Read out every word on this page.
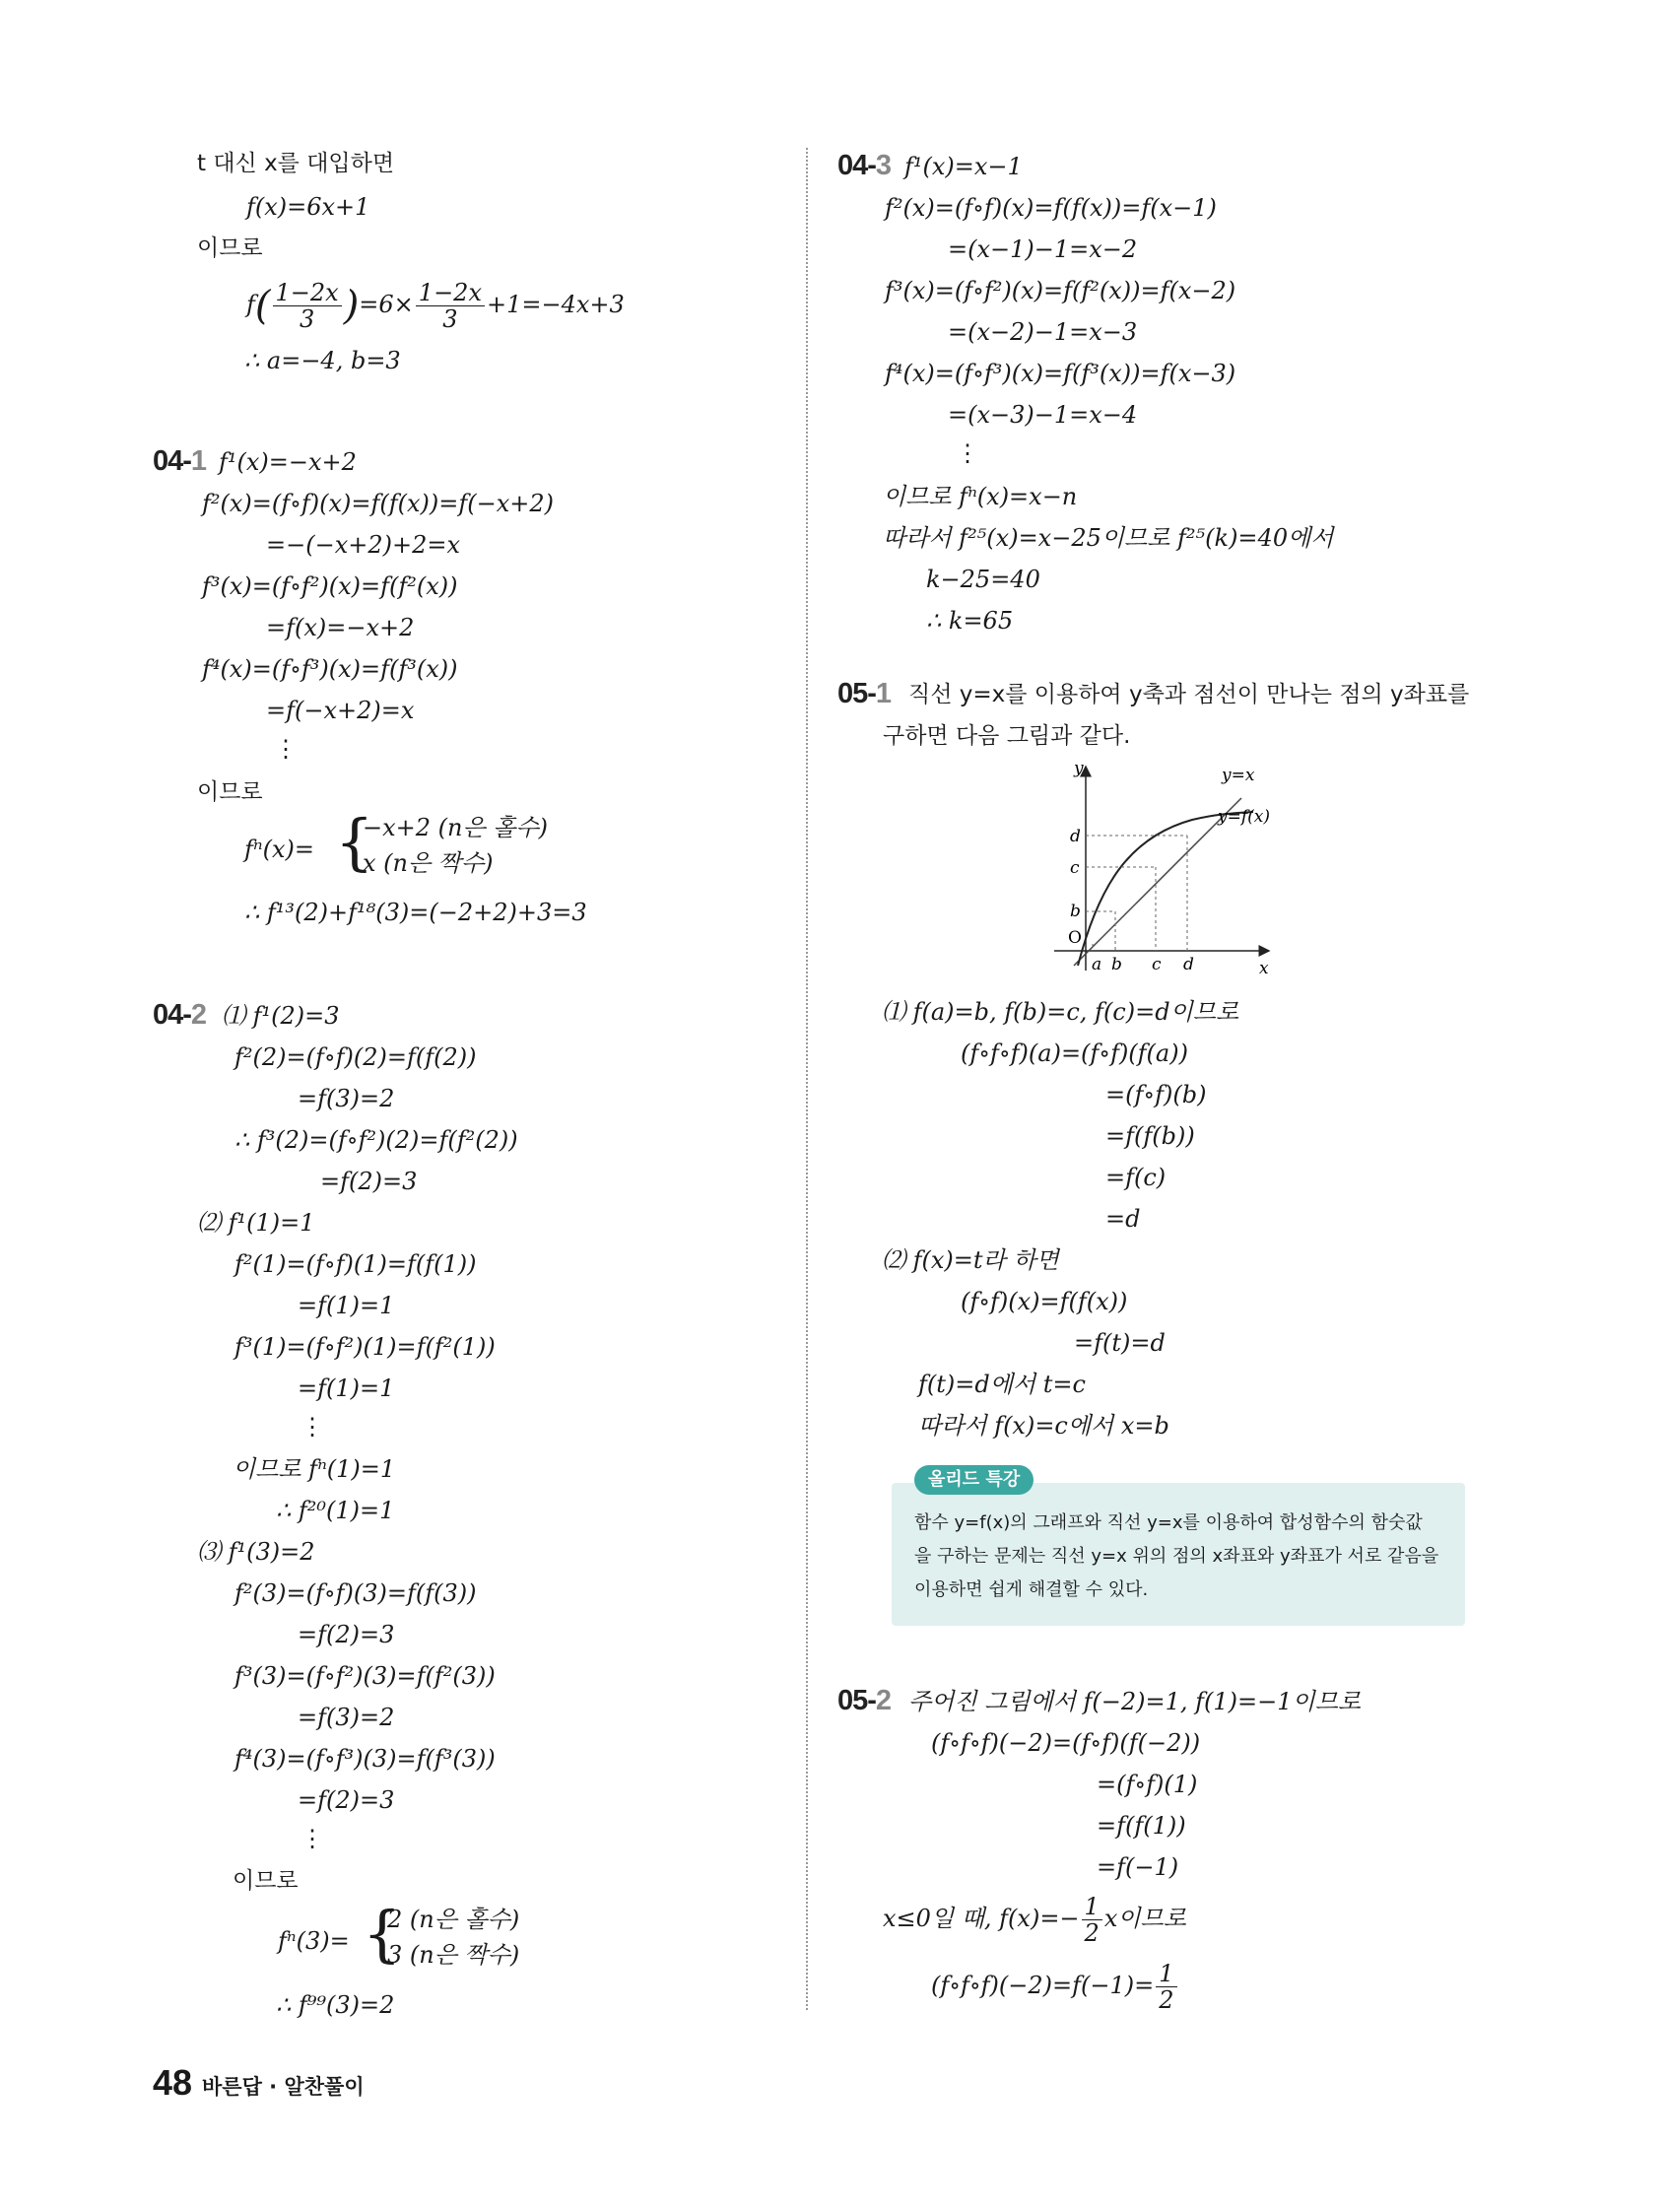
t 대신 x를 대입하면
f(x)=6x+1
이므로
$f( \frac{1-2x}{3} )=6\times \frac{1-2x}{3} +1=-4x+3$
∴ a=−4, b=3
04-1 f¹(x)=−x+2
f²(x)=(f∘f)(x)=f(f(x))=f(−x+2)
=−(−x+2)+2=x
f³(x)=(f∘f²)(x)=f(f²(x))
=f(x)=−x+2
f⁴(x)=(f∘f³)(x)=f(f³(x))
=f(−x+2)=x
⋮
이므로
fⁿ(x)= {
−x+2 (n은 홀수)
x (n은 짝수)
∴ f¹³(2)+f¹⁸(3)=(−2+2)+3=3
04-2 ⑴ f¹(2)=3
f²(2)=(f∘f)(2)=f(f(2))
=f(3)=2
∴ f³(2)=(f∘f²)(2)=f(f²(2))
=f(2)=3
⑵ f¹(1)=1
f²(1)=(f∘f)(1)=f(f(1))
=f(1)=1
f³(1)=(f∘f²)(1)=f(f²(1))
=f(1)=1
⋮
이므로 fⁿ(1)=1
∴ f²⁰(1)=1
⑶ f¹(3)=2
f²(3)=(f∘f)(3)=f(f(3))
=f(2)=3
f³(3)=(f∘f²)(3)=f(f²(3))
=f(3)=2
f⁴(3)=(f∘f³)(3)=f(f³(3))
=f(2)=3
⋮
이므로
fⁿ(3)= {
2 (n은 홀수)
3 (n은 짝수)
∴ f⁹⁹(3)=2
04-3 f¹(x)=x−1
f²(x)=(f∘f)(x)=f(f(x))=f(x−1)
=(x−1)−1=x−2
f³(x)=(f∘f²)(x)=f(f²(x))=f(x−2)
=(x−2)−1=x−3
f⁴(x)=(f∘f³)(x)=f(f³(x))=f(x−3)
=(x−3)−1=x−4
⋮
이므로 fⁿ(x)=x−n
따라서 f²⁵(x)=x−25이므로 f²⁵(k)=40에서
k−25=40
∴ k=65
05-1 직선 y=x를 이용하여 y축과 점선이 만나는 점의 y좌표를
구하면 다음 그림과 같다.
y
x
O
y=x
y=f(x)
b
c
d
a b c d
⑴ f(a)=b, f(b)=c, f(c)=d이므로
(f∘f∘f)(a)=(f∘f)(f(a))
=(f∘f)(b)
=f(f(b))
=f(c)
=d
⑵ f(x)=t라 하면
(f∘f)(x)=f(f(x))
=f(t)=d
f(t)=d에서 t=c
따라서 f(x)=c에서 x=b
올리드 특강
함수 y=f(x)의 그래프와 직선 y=x를 이용하여 합성함수의 함숫값
을 구하는 문제는 직선 y=x 위의 점의 x좌표와 y좌표가 서로 같음을
이용하면 쉽게 해결할 수 있다.
05-2 주어진 그림에서 f(−2)=1, f(1)=−1이므로
(f∘f∘f)(−2)=(f∘f)(f(−2))
=(f∘f)(1)
=f(f(1))
=f(−1)
x≤0일 때, $f(x)=- \frac{1}{2}$ x이므로
(f∘f∘f)(−2)=f(−1)= $\frac{1}{2}$
48 바른답 · 알찬풀이
